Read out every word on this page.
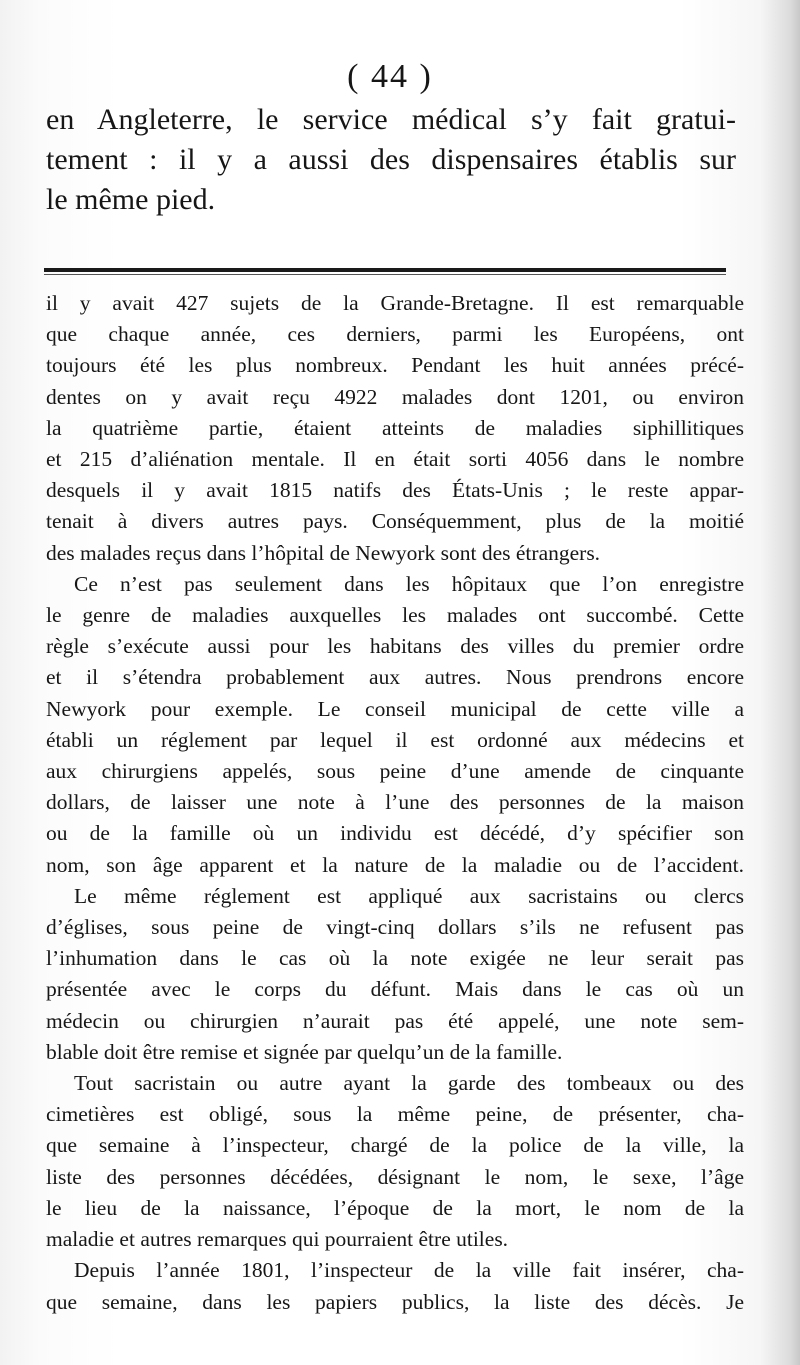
( 44 )
en Angleterre, le service médical s’y fait gratui-
tement : il y a aussi des dispensaires établis sur
le même pied.
il y avait 427 sujets de la Grande-Bretagne. Il est remarquable
que chaque année, ces derniers, parmi les Européens, ont
toujours été les plus nombreux. Pendant les huit années précé-
dentes on y avait reçu 4922 malades dont 1201, ou environ
la quatrième partie, étaient atteints de maladies siphillitiques
et 215 d’aliénation mentale. Il en était sorti 4056 dans le nombre
desquels il y avait 1815 natifs des États-Unis ; le reste appar-
tenait à divers autres pays. Conséquemment, plus de la moitié
des malades reçus dans l’hôpital de Newyork sont des étrangers.
Ce n’est pas seulement dans les hôpitaux que l’on enregistre
le genre de maladies auxquelles les malades ont succombé. Cette
règle s’exécute aussi pour les habitans des villes du premier ordre
et il s’étendra probablement aux autres. Nous prendrons encore
Newyork pour exemple. Le conseil municipal de cette ville a
établi un réglement par lequel il est ordonné aux médecins et
aux chirurgiens appelés, sous peine d’une amende de cinquante
dollars, de laisser une note à l’une des personnes de la maison
ou de la famille où un individu est décédé, d’y spécifier son
nom, son âge apparent et la nature de la maladie ou de l’accident.
Le même réglement est appliqué aux sacristains ou clercs
d’églises, sous peine de vingt-cinq dollars s’ils ne refusent pas
l’inhumation dans le cas où la note exigée ne leur serait pas
présentée avec le corps du défunt. Mais dans le cas où un
médecin ou chirurgien n’aurait pas été appelé, une note sem-
blable doit être remise et signée par quelqu’un de la famille.
Tout sacristain ou autre ayant la garde des tombeaux ou des
cimetières est obligé, sous la même peine, de présenter, cha-
que semaine à l’inspecteur, chargé de la police de la ville, la
liste des personnes décédées, désignant le nom, le sexe, l’âge
le lieu de la naissance, l’époque de la mort, le nom de la
maladie et autres remarques qui pourraient être utiles.
Depuis l’année 1801, l’inspecteur de la ville fait insérer, cha-
que semaine, dans les papiers publics, la liste des décès. Je
